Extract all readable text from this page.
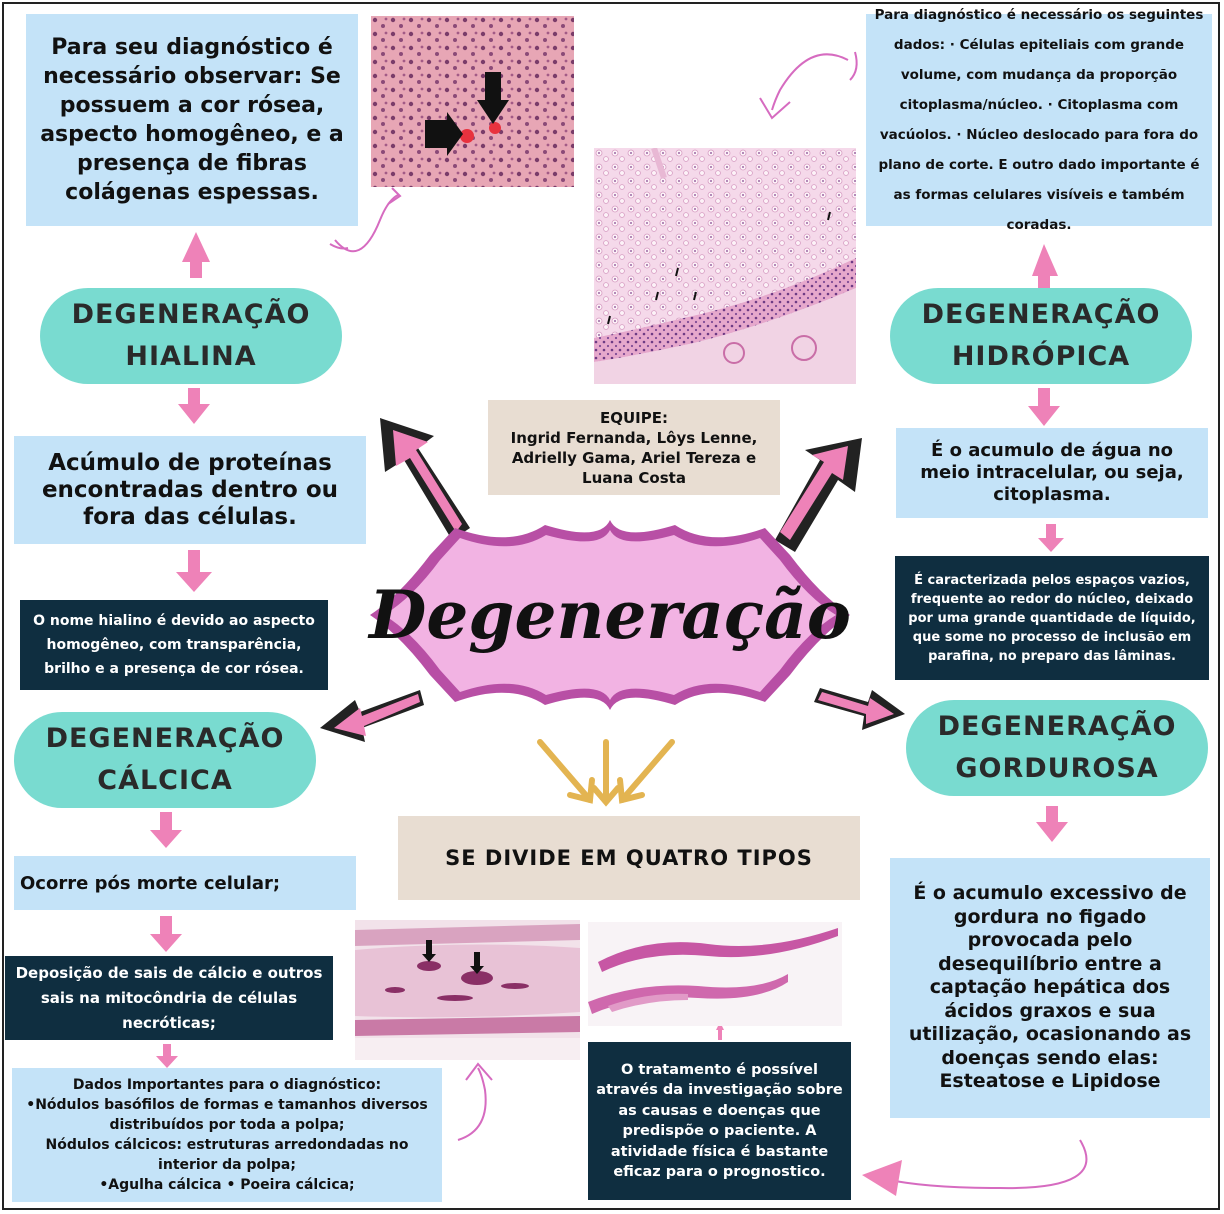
Degeneração
EQUIPE:
Ingrid Fernanda, Lôys Lenne, Adrielly Gama, Ariel Tereza e Luana Costa
SE DIVIDE EM QUATRO TIPOS
Para seu diagnóstico é necessário observar: Se possuem a cor rósea, aspecto homogêneo, e a presença de fibras colágenas espessas.
DEGENERAÇÃO
HIALINA
Acúmulo de proteínas encontradas dentro ou fora das células.
O nome hialino é devido ao aspecto homogêneo, com transparência, brilho e a presença de cor rósea.
Para diagnóstico é necessário os seguintes dados: · Células epiteliais com grande volume, com mudança da proporção citoplasma/núcleo. · Citoplasma com vacúolos. · Núcleo deslocado para fora do plano de corte. E outro dado importante é as formas celulares visíveis e também coradas.
DEGENERAÇÃO
HIDRÓPICA
É o acumulo de água no meio intracelular, ou seja, citoplasma.
É caracterizada pelos espaços vazios, frequente ao redor do núcleo, deixado por uma grande quantidade de líquido, que some no processo de inclusão em parafina, no preparo das lâminas.
DEGENERAÇÃO
CÁLCICA
Ocorre pós morte celular;
Deposição de sais de cálcio e outros sais na mitocôndria de células necróticas;
Dados Importantes para o diagnóstico:
•Nódulos basófilos de formas e tamanhos diversos distribuídos por toda a polpa;
Nódulos cálcicos: estruturas arredondadas no interior da polpa;
•Agulha cálcica • Poeira cálcica;
DEGENERAÇÃO
GORDUROSA
É o acumulo excessivo de gordura no figado provocada pelo desequilíbrio entre a captação hepática dos ácidos graxos e sua utilização, ocasionando as doenças sendo elas: Esteatose e Lipidose
O tratamento é possível através da investigação sobre as causas e doenças que predispõe o paciente. A atividade física é bastante eficaz para o prognostico.
